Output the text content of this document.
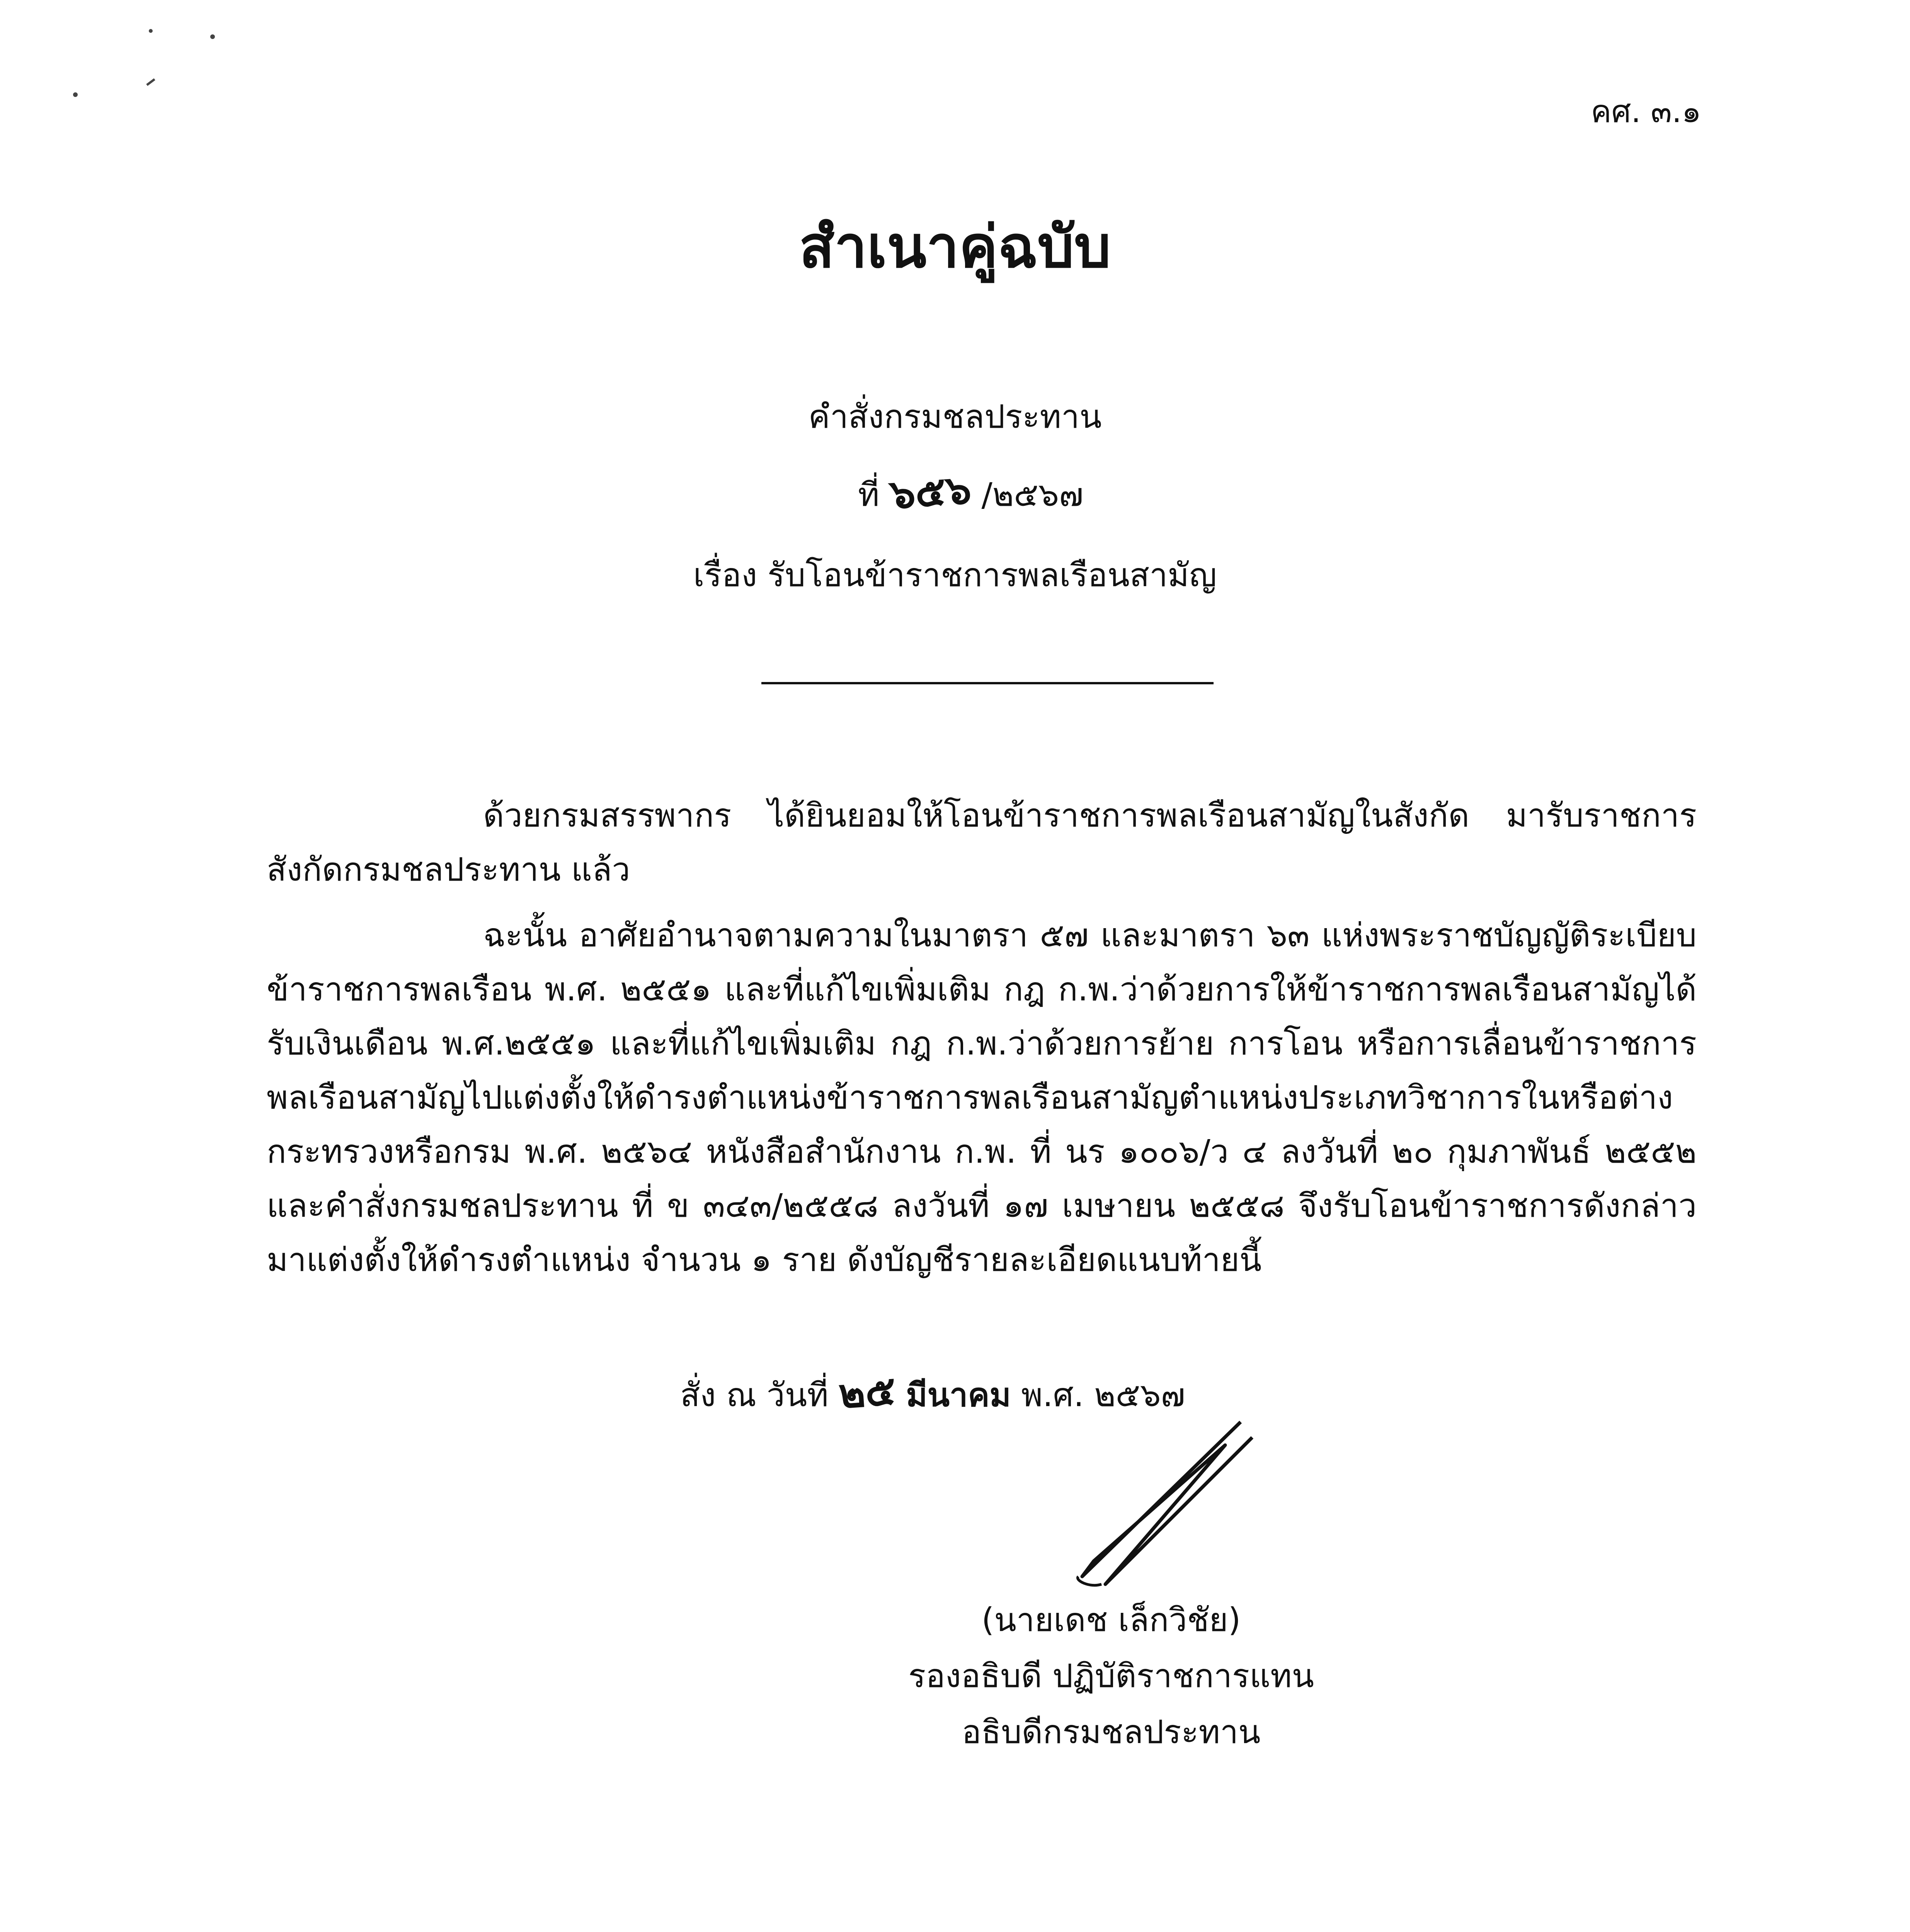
คศ. ๓.๑
สำเนาคู่ฉบับ
คำสั่งกรมชลประทาน
ที่ ๖๕๖ /๒๕๖๗
เรื่อง รับโอนข้าราชการพลเรือนสามัญ

ด้วยกรมสรรพากร ได้ยินยอมให้โอนข้าราชการพลเรือนสามัญในสังกัด มารับราชการสังกัดกรมชลประทาน แล้ว

ฉะนั้น อาศัยอำนาจตามความในมาตรา ๕๗ และมาตรา ๖๓ แห่งพระราชบัญญัติระเบียบข้าราชการพลเรือน พ.ศ. ๒๕๕๑ และที่แก้ไขเพิ่มเติม กฎ ก.พ.ว่าด้วยการให้ข้าราชการพลเรือนสามัญได้รับเงินเดือน พ.ศ.๒๕๕๑ และที่แก้ไขเพิ่มเติม กฎ ก.พ.ว่าด้วยการย้าย การโอน หรือการเลื่อนข้าราชการพลเรือนสามัญไปแต่งตั้งให้ดำรงตำแหน่งข้าราชการพลเรือนสามัญตำแหน่งประเภทวิชาการในหรือต่างกระทรวงหรือกรม พ.ศ. ๒๕๖๔ หนังสือสำนักงาน ก.พ. ที่ นร ๑๐๐๖/ว ๔ ลงวันที่ ๒๐ กุมภาพันธ์ ๒๕๕๒ และคำสั่งกรมชลประทาน ที่ ข ๓๔๓/๒๕๕๘ ลงวันที่ ๑๗ เมษายน ๒๕๕๘ จึงรับโอนข้าราชการดังกล่าวมาแต่งตั้งให้ดำรงตำแหน่ง จำนวน ๑ ราย ดังบัญชีรายละเอียดแนบท้ายนี้

สั่ง ณ วันที่ ๒๕ มีนาคม พ.ศ. ๒๕๖๗
(นายเดช เล็กวิชัย)
รองอธิบดี ปฏิบัติราชการแทน
อธิบดีกรมชลประทาน
